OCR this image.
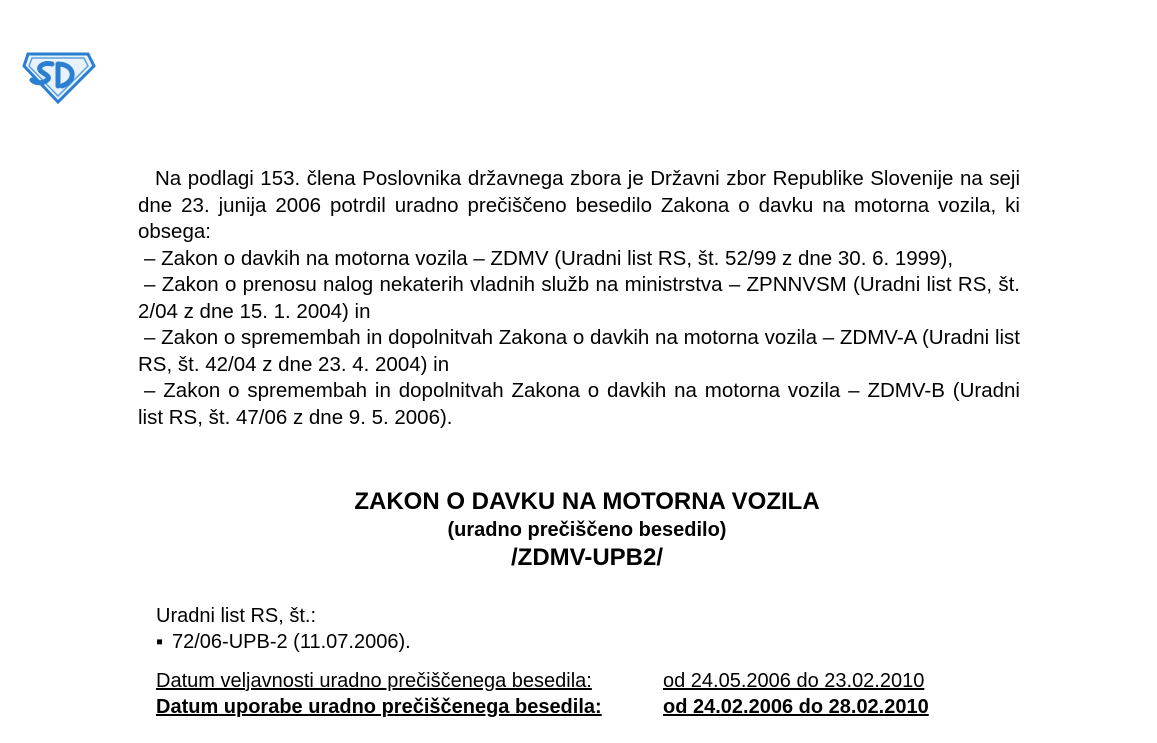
Na podlagi 153. člena Poslovnika državnega zbora je Državni zbor Republike Slovenije na seji dne 23. junija 2006 potrdil uradno prečiščeno besedilo Zakona o davku na motorna vozila, ki obsega:

– Zakon o davkih na motorna vozila – ZDMV (Uradni list RS, št. 52/99 z dne 30. 6. 1999),

– Zakon o prenosu nalog nekaterih vladnih služb na ministrstva – ZPNNVSM (Uradni list RS, št. 2/04 z dne 15. 1. 2004) in

– Zakon o spremembah in dopolnitvah Zakona o davkih na motorna vozila – ZDMV-A (Uradni list RS, št. 42/04 z dne 23. 4. 2004) in

– Zakon o spremembah in dopolnitvah Zakona o davkih na motorna vozila – ZDMV-B (Uradni list RS, št. 47/06 z dne 9. 5. 2006).

ZAKON O DAVKU NA MOTORNA VOZILA
(uradno prečiščeno besedilo)
/ZDMV-UPB2/
Uradni list RS, št.:
▪ 72/06-UPB-2 (11.07.2006).
Datum veljavnosti uradno prečiščenega besedila:	od 24.05.2006 do 23.02.2010
Datum uporabe uradno prečiščenega besedila:	od 24.02.2006 do 28.02.2010
